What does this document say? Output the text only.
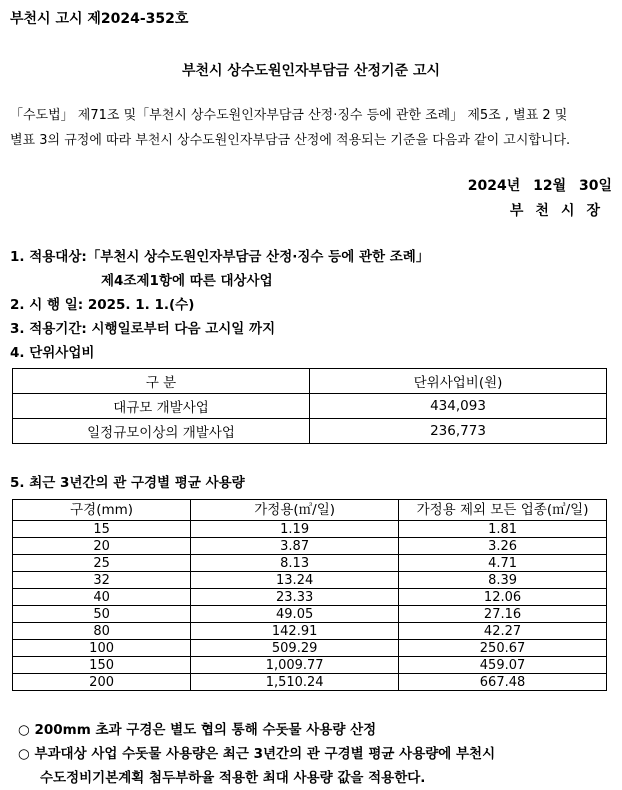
부천시 고시 제2024-352호
부천시 상수도원인자부담금 산정기준 고시
「수도법」 제71조 및「부천시 상수도원인자부담금 산정·징수 등에 관한 조례」 제5조 , 별표 2 및
별표 3의 규정에 따라 부천시 상수도원인자부담금 산정에 적용되는 기준을 다음과 같이 고시합니다.
2024년 12월 30일
부천시장
1. 적용대상:「부천시 상수도원인자부담금 산정·징수 등에 관한 조례」
제4조제1항에 따른 대상사업
2. 시 행 일: 2025. 1. 1.(수)
3. 적용기간: 시행일로부터 다음 고시일 까지
4. 단위사업비
구 분	단위사업비(원)
대규모 개발사업	434,093
일정규모이상의 개발사업	236,773
5. 최근 3년간의 관 구경별 평균 사용량
구경(mm)	가정용(㎥/일)	가정용 제외 모든 업종(㎥/일)
15	1.19	1.81
20	3.87	3.26
25	8.13	4.71
32	13.24	8.39
40	23.33	12.06
50	49.05	27.16
80	142.91	42.27
100	509.29	250.67
150	1,009.77	459.07
200	1,510.24	667.48
○ 200mm 초과 구경은 별도 협의 통해 수돗물 사용량 산정
○ 부과대상 사업 수돗물 사용량은 최근 3년간의 관 구경별 평균 사용량에 부천시
수도정비기본계획 첨두부하율 적용한 최대 사용량 값을 적용한다.
